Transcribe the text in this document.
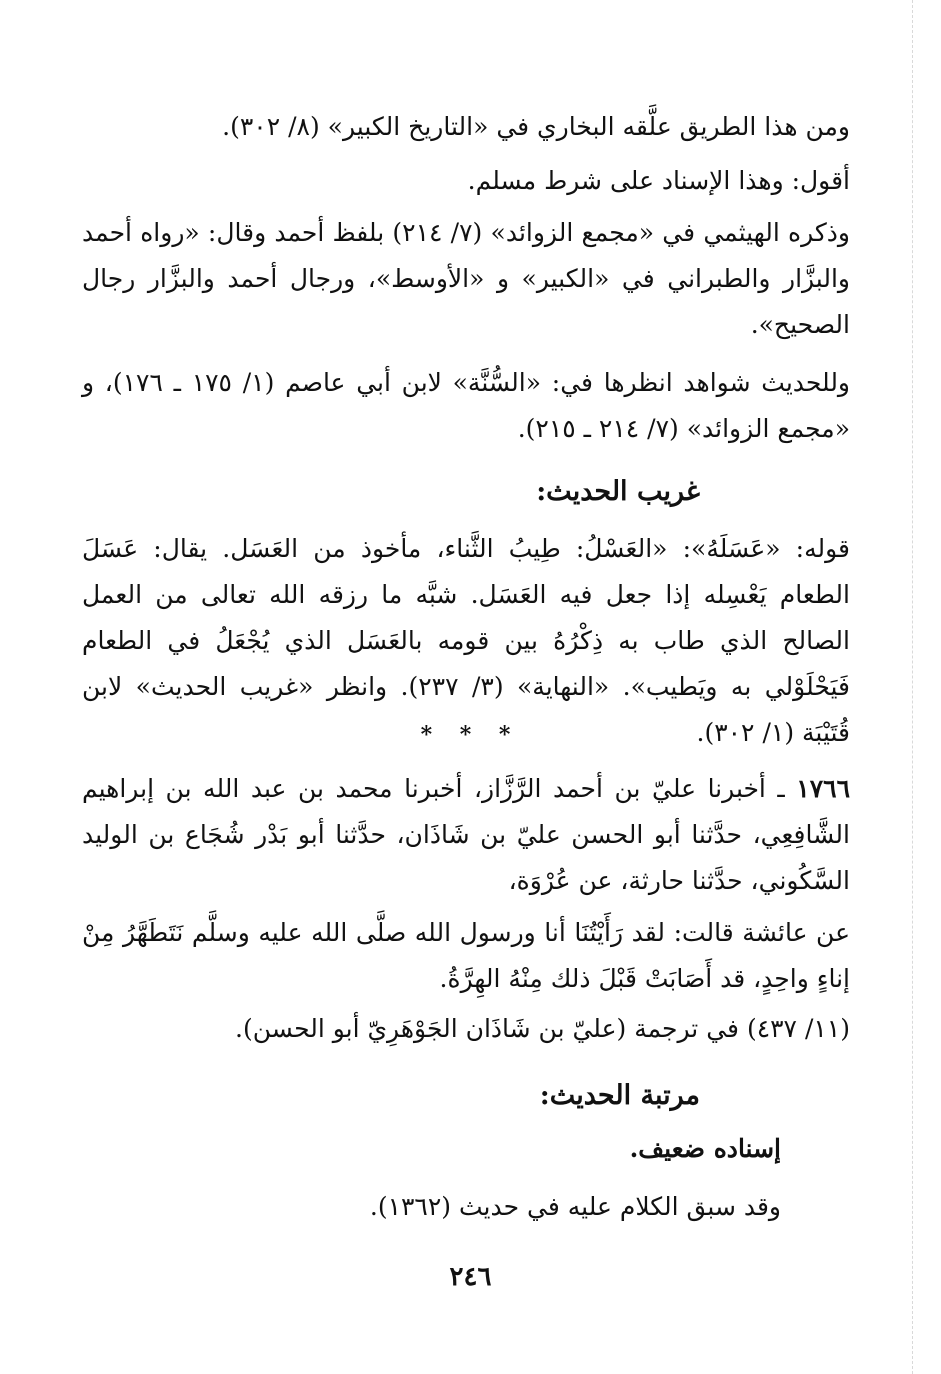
ومن هذا الطريق علَّقه البخاري في «التاريخ الكبير» (٨/ ٣٠٢).
أقول: وهذا الإسناد على شرط مسلم.
وذكره الهيثمي في «مجمع الزوائد» (٧/ ٢١٤) بلفظ أحمد وقال: «رواه أحمد والبزَّار والطبراني في «الكبير» و «الأوسط»، ورجال أحمد والبزَّار رجال الصحيح».
وللحديث شواهد انظرها في: «السُّنَّة» لابن أبي عاصم (١/ ١٧٥ ـ ١٧٦)، و «مجمع الزوائد» (٧/ ٢١٤ ـ ٢١٥).
غريب الحديث:
قوله: «عَسَلَهُ»: «العَسْلُ: طِيبُ الثَّناء، مأخوذ من العَسَل. يقال: عَسَلَ الطعام يَعْسِله إذا جعل فيه العَسَل. شبَّه ما رزقه الله تعالى من العمل الصالح الذي طاب به ذِكْرُهُ بين قومه بالعَسَل الذي يُجْعَلُ في الطعام فَيَحْلَوْلي به ويَطيب». «النهاية» (٣/ ٢٣٧). وانظر «غريب الحديث» لابن قُتَيْبَة (١/ ٣٠٢).
* * *
١٧٦٦ ـ أخبرنا عليّ بن أحمد الرَّزَّاز، أخبرنا محمد بن عبد الله بن إبراهيم الشَّافِعِي، حدَّثنا أبو الحسن عليّ بن شَاذَان، حدَّثنا أبو بَدْر شُجَاع بن الوليد السَّكُوني، حدَّثنا حارثة، عن عُرْوَة،
عن عائشة قالت: لقد رَأَيْتُنَا أنا ورسول الله صلَّى الله عليه وسلَّم نَتَطَهَّرُ مِنْ إناءٍ واحِدٍ، قد أَصَابَتْ قَبْلَ ذلك مِنْهُ الهِرَّةُ.
(١١/ ٤٣٧) في ترجمة (عليّ بن شَاذَان الجَوْهَرِيّ أبو الحسن).
مرتبة الحديث:
إسناده ضعيف.
وقد سبق الكلام عليه في حديث (١٣٦٢).
٢٤٦
